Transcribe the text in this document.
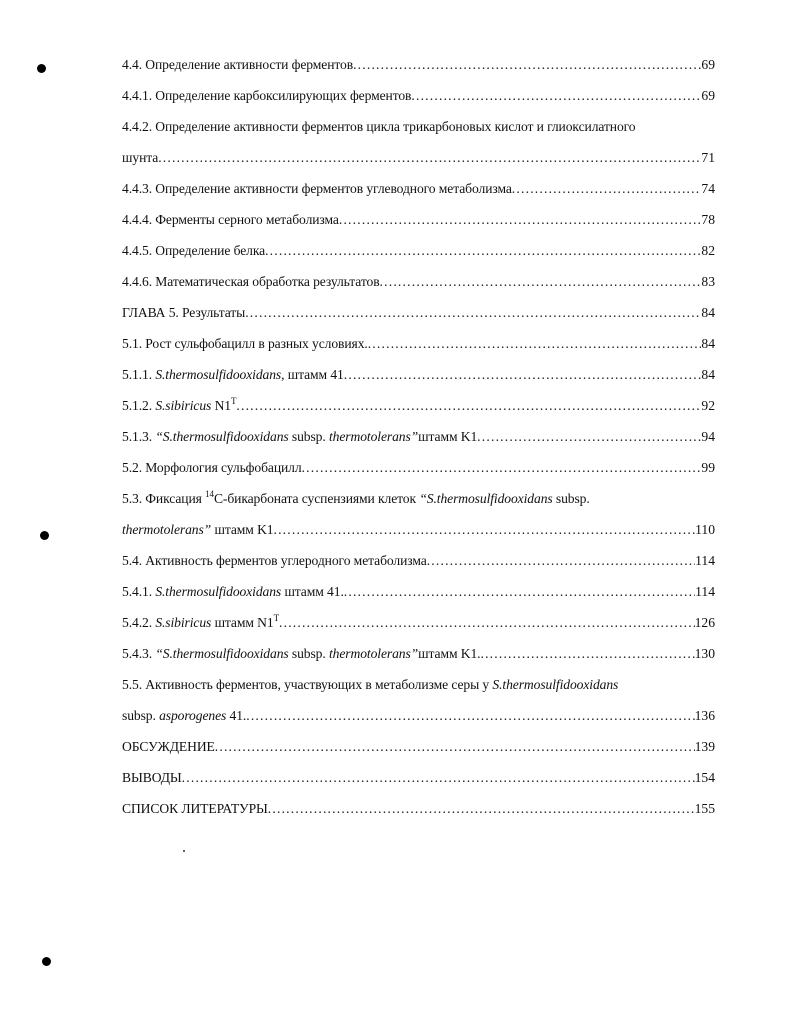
4.4. Определение активности ферментов .....	69
4.4.1. Определение карбоксилирующих ферментов .....	69
4.4.2. Определение активности ферментов цикла трикарбоновых кислот и глиоксилатного
шунта .....	71
4.4.3. Определение активности ферментов углеводного метаболизма .....	74
4.4.4. Ферменты серного метаболизма .....	78
4.4.5. Определение белка .....	82
4.4.6. Математическая обработка результатов .....	83
ГЛАВА 5. Результаты .....	84
5.1. Рост сульфобацилл в разных условиях. .....	84
5.1.1. S.thermosulfidooxidans, штамм 41 .....	84
5.1.2. S.sibiricus $N1^T$ .....	92
5.1.3. “S.thermosulfidooxidans subsp. thermotolerans”штамм K1 .....	94
5.2. Морфология сульфобацилл .....	99
5.3. Фиксация $^{14}$С-бикарбоната суспензиями клеток “S.thermosulfidooxidans subsp.
thermotolerans” штамм K1 .....	110
5.4. Активность ферментов углеродного метаболизма .....	114
5.4.1. S.thermosulfidooxidans штамм 41. .....	114
5.4.2. S.sibiricus штамм $N1^T$ .....	126
5.4.3. “S.thermosulfidooxidans subsp. thermotolerans”штамм K1. .....	130
5.5. Активность ферментов, участвующих в метаболизме серы у S.thermosulfidooxidans
subsp. asporogenes 41. .....	136
ОБСУЖДЕНИЕ .....	139
ВЫВОДЫ .....	154
СПИСОК ЛИТЕРАТУРЫ .....	155
